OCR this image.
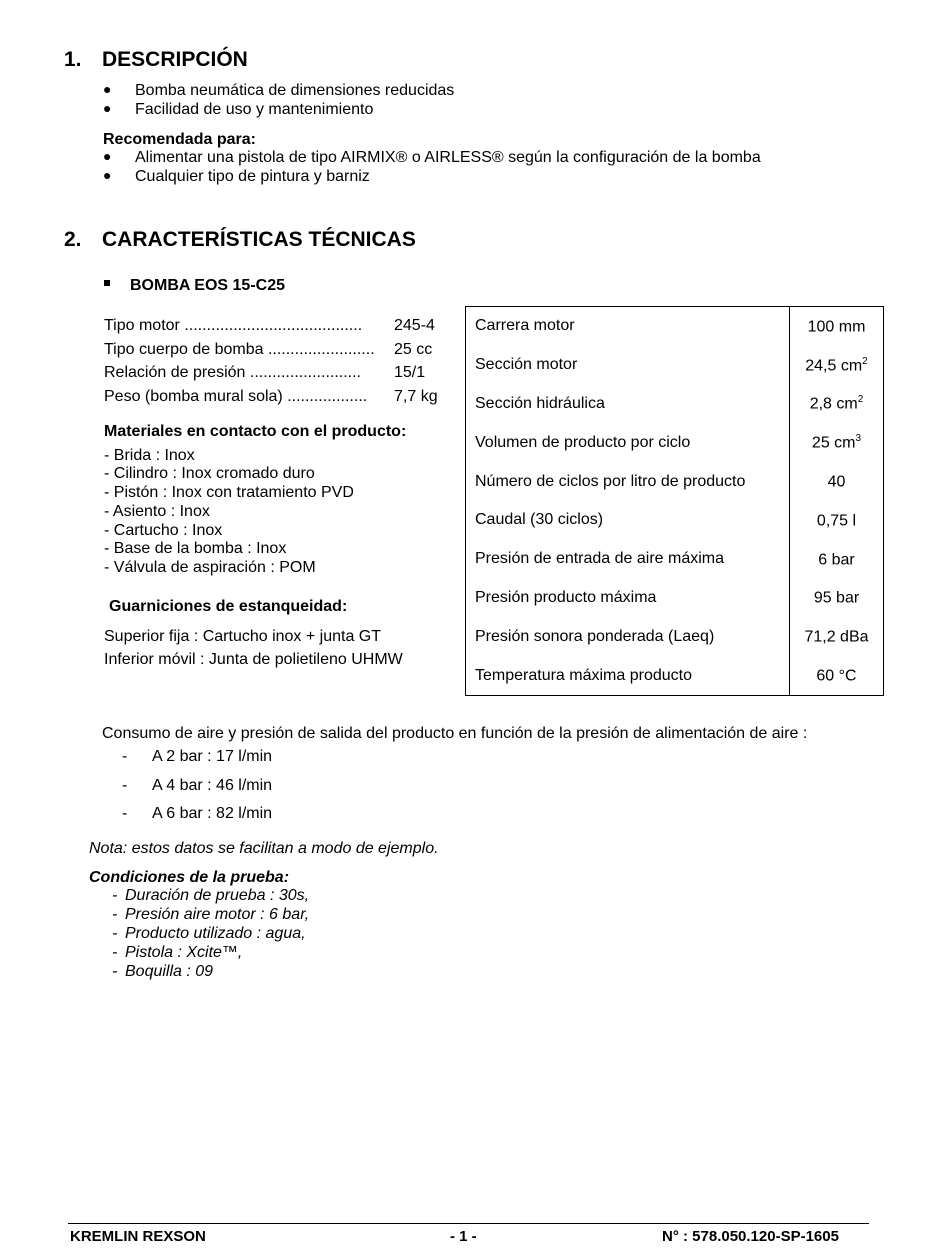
1. DESCRIPCIÓN
● Bomba neumática de dimensiones reducidas
● Facilidad de uso y mantenimiento
Recomendada para:
● Alimentar una pistola de tipo AIRMIX® o AIRLESS® según la configuración de la bomba
● Cualquier tipo de pintura y barniz
2. CARACTERÍSTICAS TÉCNICAS
BOMBA EOS 15-C25
Tipo motor ........................................ 245-4
Tipo cuerpo de bomba ........................ 25 cc
Relación de presión ......................... 15/1
Peso (bomba mural sola) .................. 7,7 kg
Materiales en contacto con el producto:
- Brida : Inox
- Cilindro : Inox cromado duro
- Pistón : Inox con tratamiento PVD
- Asiento : Inox
- Cartucho : Inox
- Base de la bomba : Inox
- Válvula de aspiración : POM
Guarniciones de estanqueidad:
Superior fija : Cartucho inox + junta GT
Inferior móvil : Junta de polietileno UHMW
Carrera motor	100 mm
Sección motor	24,5 $cm^2$
Sección hidráulica	2,8 $cm^2$
Volumen de producto por ciclo	25 $cm^3$
Número de ciclos por litro de producto	40
Caudal (30 ciclos)	0,75 l
Presión de entrada de aire máxima	6 bar
Presión producto máxima	95 bar
Presión sonora ponderada (Laeq)	71,2 dBa
Temperatura máxima producto	60 °C
Consumo de aire y presión de salida del producto en función de la presión de alimentación de aire :
- A 2 bar : 17 l/min
- A 4 bar : 46 l/min
- A 6 bar : 82 l/min
Nota: estos datos se facilitan a modo de ejemplo.
Condiciones de la prueba:
- Duración de prueba : 30s,
- Presión aire motor : 6 bar,
- Producto utilizado : agua,
- Pistola : Xcite™,
- Boquilla : 09
KREMLIN REXSON	- 1 -	N° : 578.050.120-SP-1605
